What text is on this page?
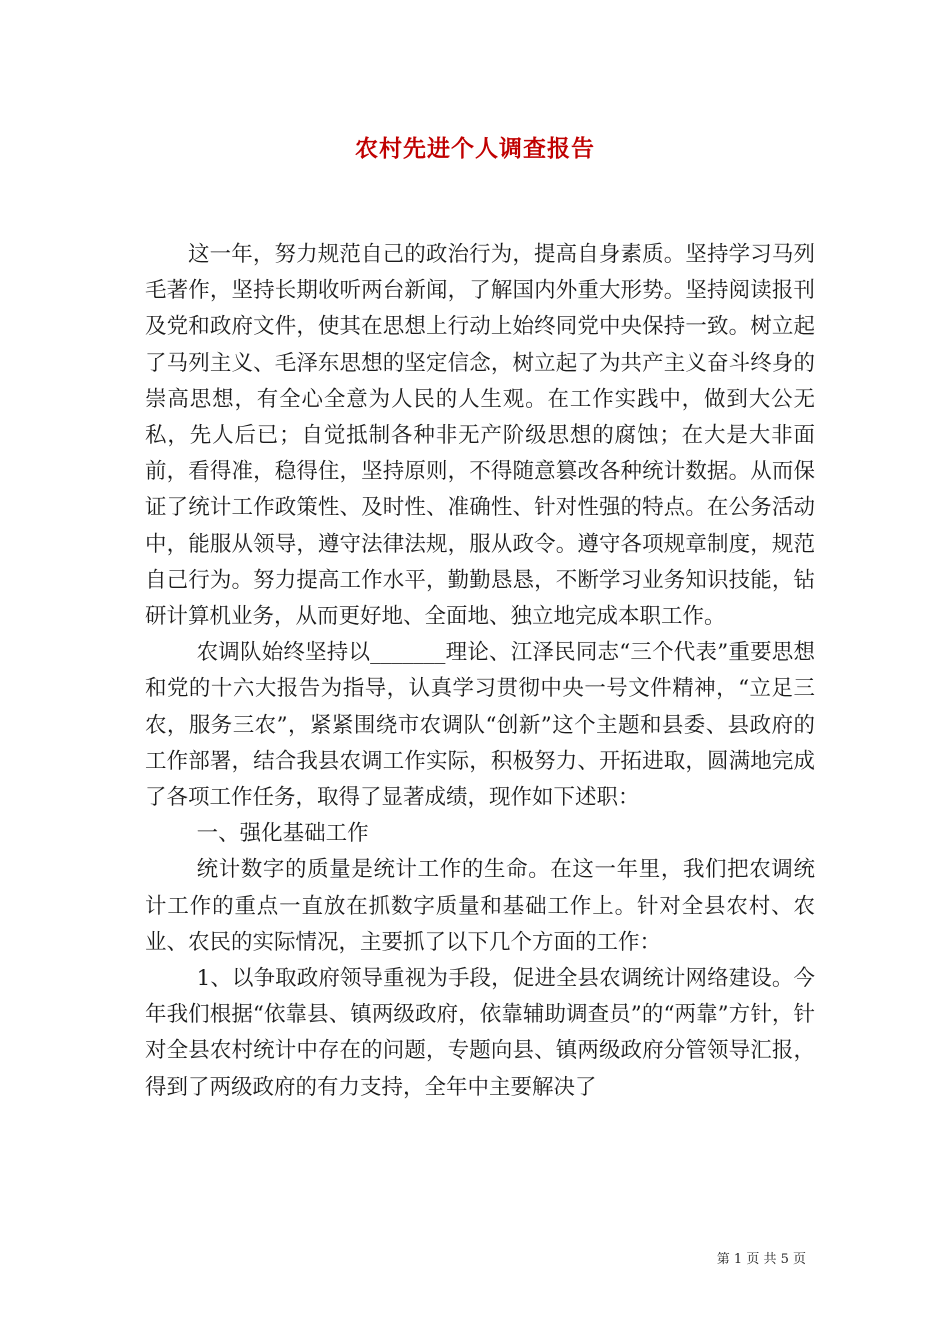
农村先进个人调查报告

这一年，努力规范自己的政治行为，提高自身素质。坚持学习马列毛著作，坚持长期收听两台新闻，了解国内外重大形势。坚持阅读报刊及党和政府文件，使其在思想上行动上始终同党中央保持一致。树立起了马列主义、毛泽东思想的坚定信念，树立起了为共产主义奋斗终身的崇高思想，有全心全意为人民的人生观。在工作实践中，做到大公无私，先人后已；自觉抵制各种非无产阶级思想的腐蚀；在大是大非面前，看得准，稳得住，坚持原则，不得随意篡改各种统计数据。从而保证了统计工作政策性、及时性、准确性、针对性强的特点。在公务活动中，能服从领导，遵守法律法规，服从政令。遵守各项规章制度，规范自己行为。努力提高工作水平，勤勤恳恳，不断学习业务知识技能，钻研计算机业务，从而更好地、全面地、独立地完成本职工作。

农调队始终坚持以_______理论、江泽民同志“三个代表”重要思想和党的十六大报告为指导，认真学习贯彻中央一号文件精神，“立足三农，服务三农”，紧紧围绕市农调队“创新”这个主题和县委、县政府的工作部署，结合我县农调工作实际，积极努力、开拓进取，圆满地完成了各项工作任务，取得了显著成绩，现作如下述职：

一、强化基础工作

统计数字的质量是统计工作的生命。在这一年里，我们把农调统计工作的重点一直放在抓数字质量和基础工作上。针对全县农村、农业、农民的实际情况，主要抓了以下几个方面的工作：

1、以争取政府领导重视为手段，促进全县农调统计网络建设。今年我们根据“依靠县、镇两级政府，依靠辅助调查员”的“两靠”方针，针对全县农村统计中存在的问题，专题向县、镇两级政府分管领导汇报，得到了两级政府的有力支持，全年中主要解决了

第 1 页 共 5 页
